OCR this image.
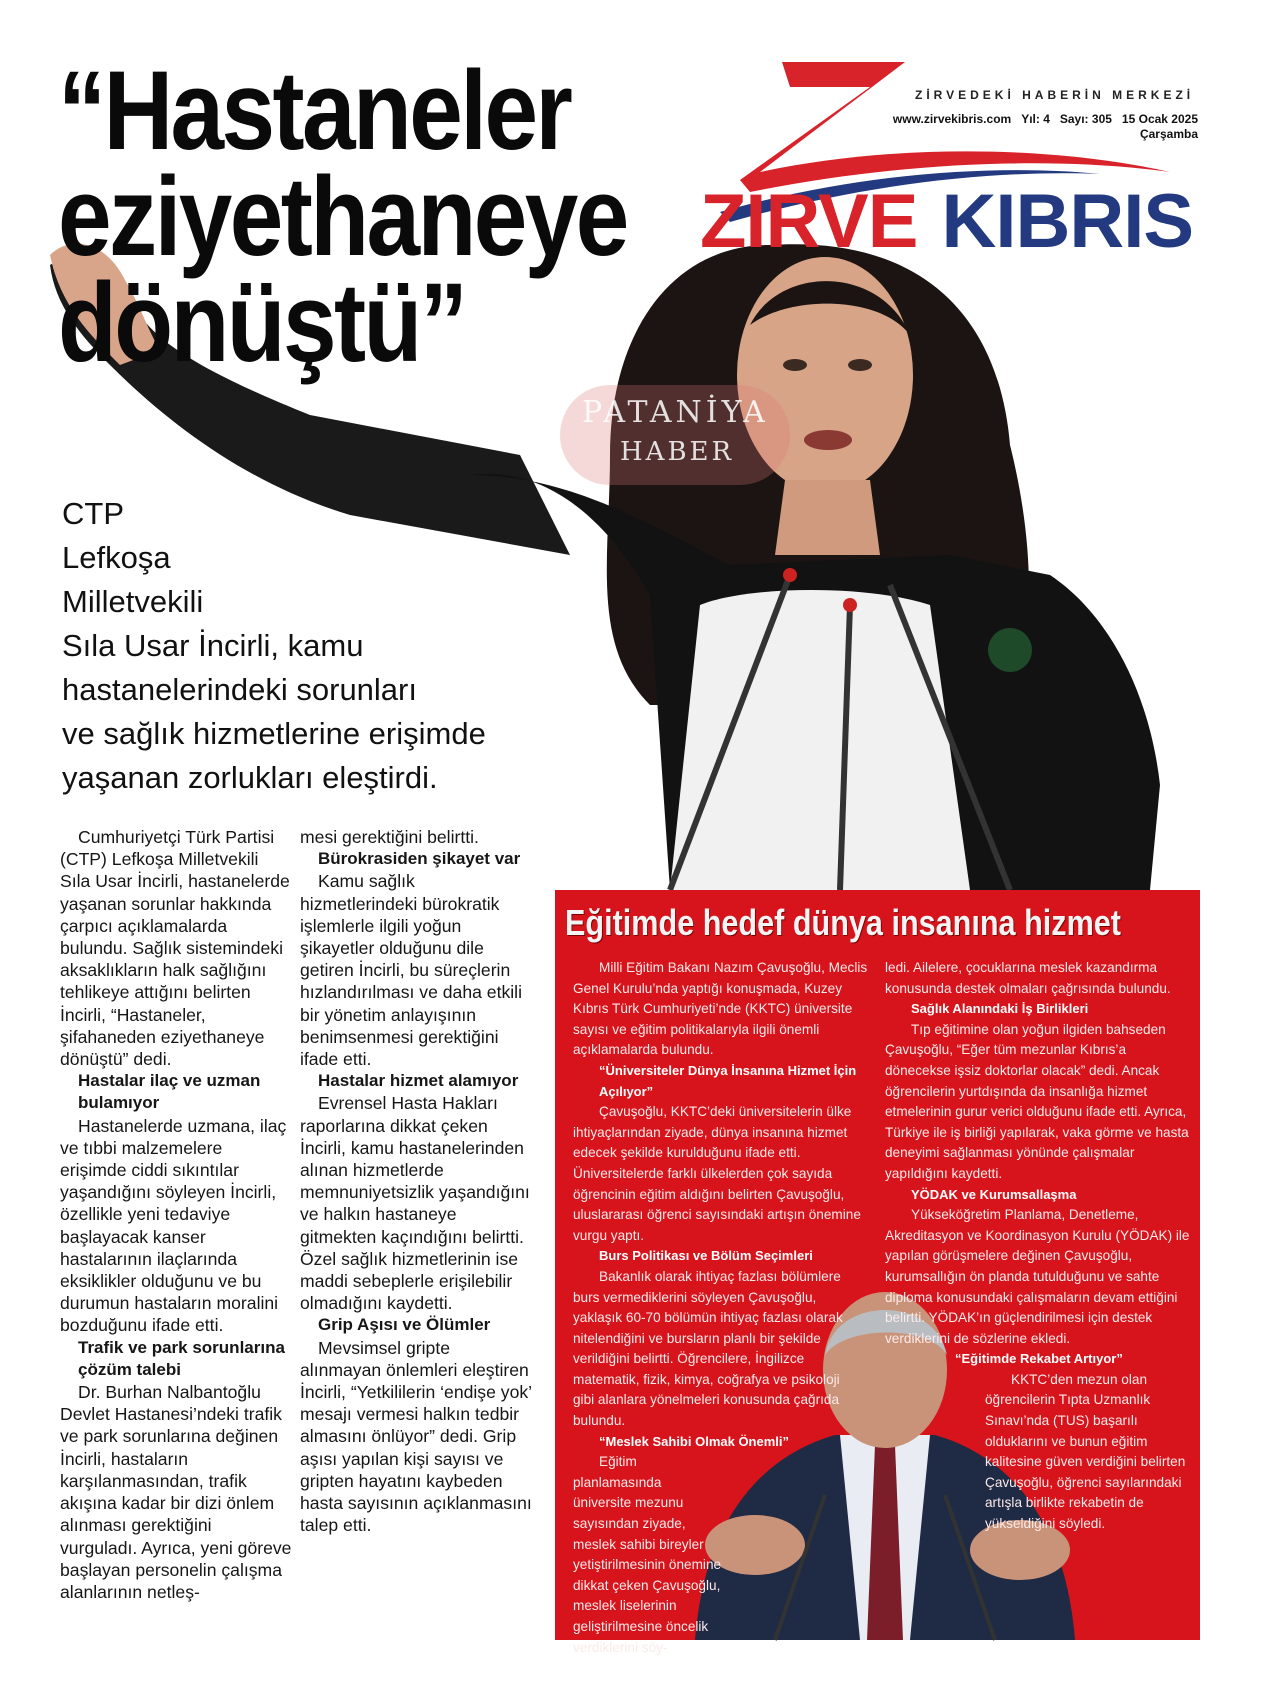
“Hastaneler
eziyethaneye
dönüştü”
ZİRVEDEKİ HABERİN MERKEZİ
www.zirvekibris.com Yıl: 4 Sayı: 305 15 Ocak 2025
Çarşamba
ZİRVE KIBRIS
CTP
Lefkoşa
Milletvekili
Sıla Usar İncirli, kamu
hastanelerindeki sorunları
ve sağlık hizmetlerine erişimde
yaşanan zorlukları eleştirdi.

Cumhuriyetçi Türk Partisi (CTP) Lefkoşa Milletvekili Sıla Usar İncirli, hastanelerde yaşanan sorunlar hakkında çarpıcı açıklamalarda bulundu. Sağlık sistemindeki aksaklıkların halk sağlığını tehlikeye attığını belirten İncirli, “Hastaneler, şifahaneden eziyethaneye dönüştü” dedi.

Hastalar ilaç ve uzman bulamıyor

Hastanelerde uzmana, ilaç ve tıbbi malzemelere erişimde ciddi sıkıntılar yaşandığını söyleyen İncirli, özellikle yeni tedaviye başlayacak kanser hastalarının ilaçlarında eksiklikler olduğunu ve bu durumun hastaların moralini bozduğunu ifade etti.

Trafik ve park sorunlarına çözüm talebi

Dr. Burhan Nalbantoğlu Devlet Hastanesi’ndeki trafik ve park sorunlarına değinen İncirli, hastaların karşılanmasından, trafik akışına kadar bir dizi önlem alınması gerektiğini vurguladı. Ayrıca, yeni göreve başlayan personelin çalışma alanlarının netleş-

mesi gerektiğini belirtti.

Bürokrasiden şikayet var

Kamu sağlık hizmetlerindeki bürokratik işlemlerle ilgili yoğun şikayetler olduğunu dile getiren İncirli, bu süreçlerin hızlandırılması ve daha etkili bir yönetim anlayışının benimsenmesi gerektiğini ifade etti.

Hastalar hizmet alamıyor

Evrensel Hasta Hakları raporlarına dikkat çeken İncirli, kamu hastanelerinden alınan hizmetlerde memnuniyetsizlik yaşandığını ve halkın hastaneye gitmekten kaçındığını belirtti. Özel sağlık hizmetlerinin ise maddi sebeplerle erişilebilir olmadığını kaydetti.

Grip Aşısı ve Ölümler

Mevsimsel gripte alınmayan önlemleri eleştiren İncirli, “Yetkililerin ‘endişe yok’ mesajı vermesi halkın tedbir almasını önlüyor” dedi. Grip aşısı yapılan kişi sayısı ve gripten hayatını kaybeden hasta sayısının açıklanmasını talep etti.

PATANİYA
HABER
Eğitimde hedef dünya insanına hizmet

Milli Eğitim Bakanı Nazım Çavuşoğlu, Meclis Genel Kurulu’nda yaptığı konuşmada, Kuzey Kıbrıs Türk Cumhuriyeti’nde (KKTC) üniversite sayısı ve eğitim politikalarıyla ilgili önemli açıklamalarda bulundu.

“Üniversiteler Dünya İnsanına Hizmet İçin Açılıyor”

Çavuşoğlu, KKTC’deki üniversitelerin ülke ihtiyaçlarından ziyade, dünya insanına hizmet edecek şekilde kurulduğunu ifade etti. Üniversitelerde farklı ülkelerden çok sayıda öğrencinin eğitim aldığını belirten Çavuşoğlu, uluslararası öğrenci sayısındaki artışın önemine vurgu yaptı.

Burs Politikası ve Bölüm Seçimleri

Bakanlık olarak ihtiyaç fazlası bölümlere burs vermediklerini söyleyen Çavuşoğlu, yaklaşık 60-70 bölümün ihtiyaç fazlası olarak nitelendiğini ve bursların planlı bir şekilde verildiğini belirtti. Öğrencilere, İngilizce matematik, fizik, kimya, coğrafya ve psikoloji gibi alanlara yönelmeleri konusunda çağrıda bulundu.

“Meslek Sahibi Olmak Önemli”

Eğitim planlamasında üniversite mezunu sayısından ziyade, meslek sahibi bireyler yetiştirilmesinin önemine dikkat çeken Çavuşoğlu, meslek liselerinin geliştirilmesine öncelik verdiklerini söy-

ledi. Ailelere, çocuklarına meslek kazandırma konusunda destek olmaları çağrısında bulundu.

Sağlık Alanındaki İş Birlikleri

Tıp eğitimine olan yoğun ilgiden bahseden Çavuşoğlu, “Eğer tüm mezunlar Kıbrıs’a dönecekse işsiz doktorlar olacak” dedi. Ancak öğrencilerin yurtdışında da insanlığa hizmet etmelerinin gurur verici olduğunu ifade etti. Ayrıca, Türkiye ile iş birliği yapılarak, vaka görme ve hasta deneyimi sağlanması yönünde çalışmalar yapıldığını kaydetti.

YÖDAK ve Kurumsallaşma

Yükseköğretim Planlama, Denetleme, Akreditasyon ve Koordinasyon Kurulu (YÖDAK) ile yapılan görüşmelere değinen Çavuşoğlu, kurumsallığın ön planda tutulduğunu ve sahte diploma konusundaki çalışmaların devam ettiğini belirtti. YÖDAK’ın güçlendirilmesi için destek verdiklerini de sözlerine ekledi.

“Eğitimde Rekabet Artıyor”

KKTC’den mezun olan öğrencilerin Tıpta Uzmanlık Sınavı’nda (TUS) başarılı olduklarını ve bunun eğitim kalitesine güven verdiğini belirten Çavuşoğlu, öğrenci sayılarındaki artışla birlikte rekabetin de yükseldiğini söyledi.
